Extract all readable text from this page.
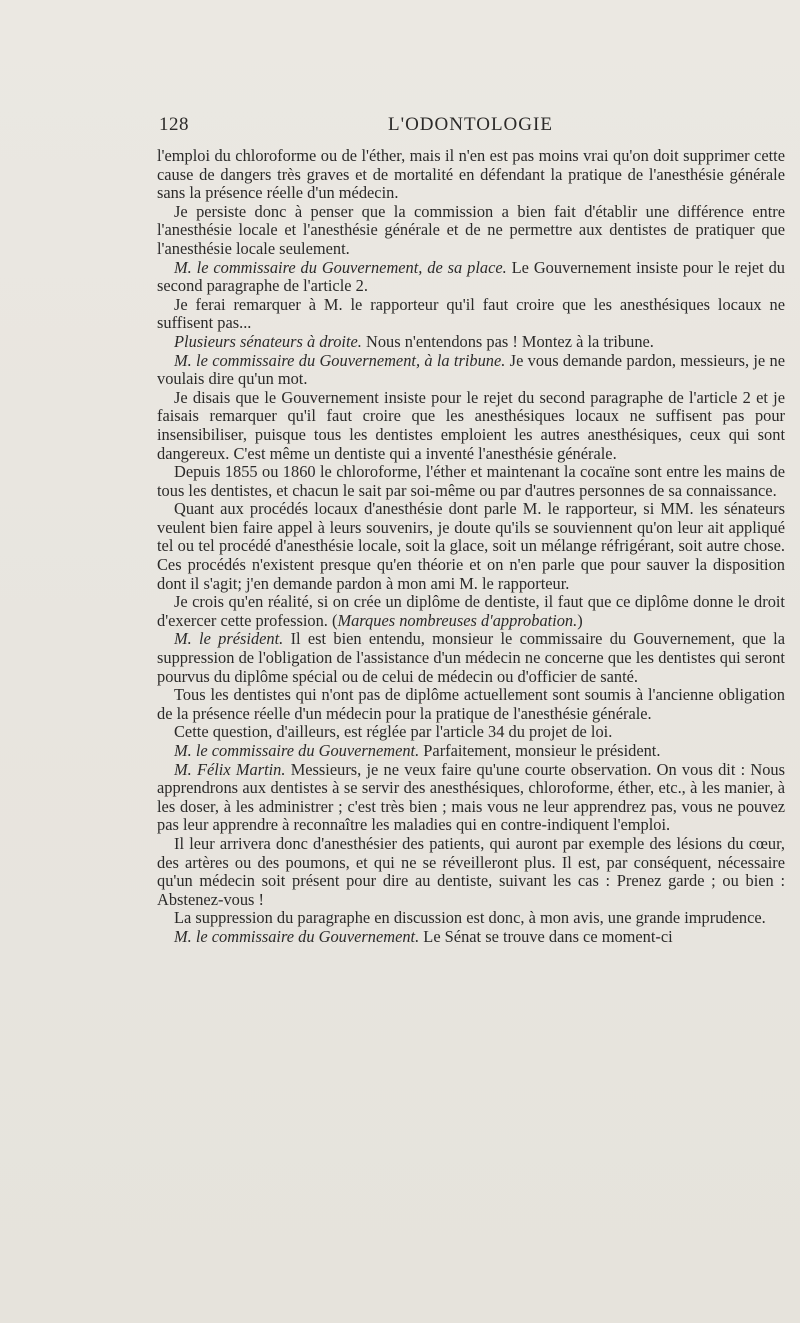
128	L'ODONTOLOGIE

l'emploi du chloroforme ou de l'éther, mais il n'en est pas moins vrai qu'on doit supprimer cette cause de dangers très graves et de mortalité en défendant la pratique de l'anesthésie générale sans la présence réelle d'un médecin.

Je persiste donc à penser que la commission a bien fait d'établir une différence entre l'anesthésie locale et l'anesthésie générale et de ne permettre aux dentistes de pratiquer que l'anesthésie locale seulement.

M. le commissaire du Gouvernement, de sa place. Le Gouvernement insiste pour le rejet du second paragraphe de l'article 2.

Je ferai remarquer à M. le rapporteur qu'il faut croire que les anesthésiques locaux ne suffisent pas...

Plusieurs sénateurs à droite. Nous n'entendons pas ! Montez à la tribune.

M. le commissaire du Gouvernement, à la tribune. Je vous demande pardon, messieurs, je ne voulais dire qu'un mot.

Je disais que le Gouvernement insiste pour le rejet du second paragraphe de l'article 2 et je faisais remarquer qu'il faut croire que les anesthésiques locaux ne suffisent pas pour insensibiliser, puisque tous les dentistes emploient les autres anesthésiques, ceux qui sont dangereux. C'est même un dentiste qui a inventé l'anesthésie générale.

Depuis 1855 ou 1860 le chloroforme, l'éther et maintenant la cocaïne sont entre les mains de tous les dentistes, et chacun le sait par soi-même ou par d'autres personnes de sa connaissance.

Quant aux procédés locaux d'anesthésie dont parle M. le rapporteur, si MM. les sénateurs veulent bien faire appel à leurs souvenirs, je doute qu'ils se souviennent qu'on leur ait appliqué tel ou tel procédé d'anesthésie locale, soit la glace, soit un mélange réfrigérant, soit autre chose. Ces procédés n'existent presque qu'en théorie et on n'en parle que pour sauver la disposition dont il s'agit; j'en demande pardon à mon ami M. le rapporteur.

Je crois qu'en réalité, si on crée un diplôme de dentiste, il faut que ce diplôme donne le droit d'exercer cette profession. (Marques nombreuses d'approbation.)

M. le président. Il est bien entendu, monsieur le commissaire du Gouvernement, que la suppression de l'obligation de l'assistance d'un médecin ne concerne que les dentistes qui seront pourvus du diplôme spécial ou de celui de médecin ou d'officier de santé.

Tous les dentistes qui n'ont pas de diplôme actuellement sont soumis à l'ancienne obligation de la présence réelle d'un médecin pour la pratique de l'anesthésie générale.

Cette question, d'ailleurs, est réglée par l'article 34 du projet de loi.

M. le commissaire du Gouvernement. Parfaitement, monsieur le président.

M. Félix Martin. Messieurs, je ne veux faire qu'une courte observation. On vous dit : Nous apprendrons aux dentistes à se servir des anesthésiques, chloroforme, éther, etc., à les manier, à les doser, à les administrer ; c'est très bien ; mais vous ne leur apprendrez pas, vous ne pouvez pas leur apprendre à reconnaître les maladies qui en contre-indiquent l'emploi.

Il leur arrivera donc d'anesthésier des patients, qui auront par exemple des lésions du cœur, des artères ou des poumons, et qui ne se réveilleront plus. Il est, par conséquent, nécessaire qu'un médecin soit présent pour dire au dentiste, suivant les cas : Prenez garde ; ou bien : Abstenez-vous !

La suppression du paragraphe en discussion est donc, à mon avis, une grande imprudence.

M. le commissaire du Gouvernement. Le Sénat se trouve dans ce moment-ci
